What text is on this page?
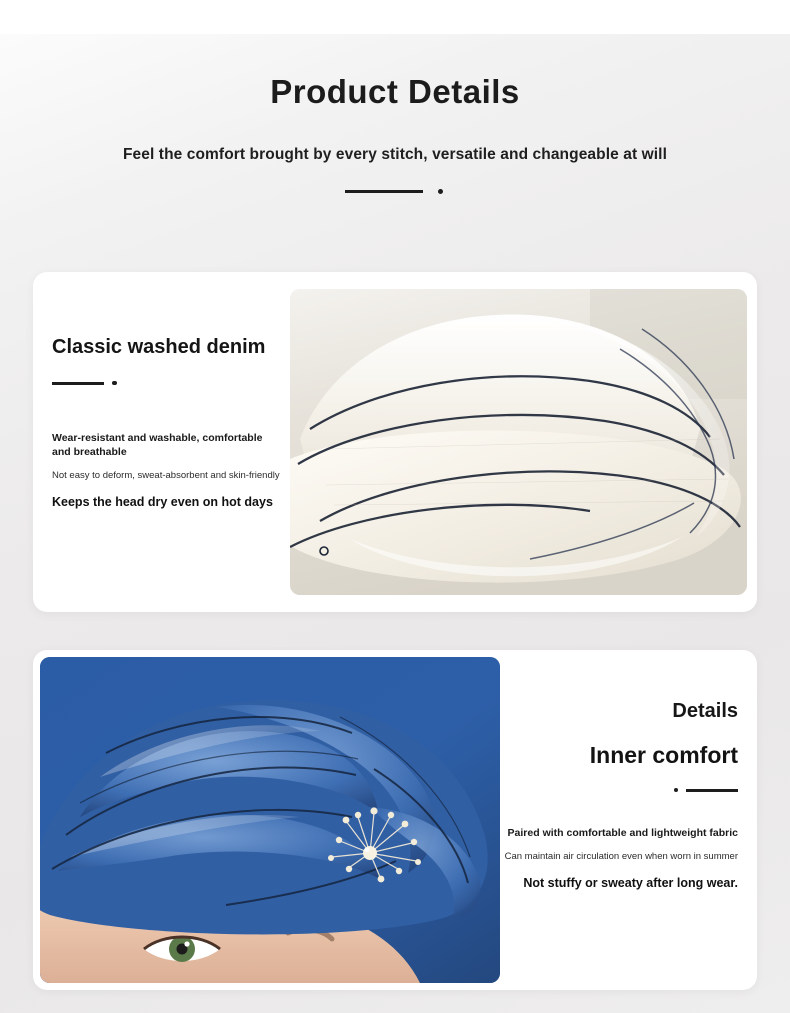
Product Details
Feel the comfort brought by every stitch, versatile and changeable at will
Classic washed denim
Wear-resistant and washable, comfortable and breathable
Not easy to deform, sweat-absorbent and skin-friendly
Keeps the head dry even on hot days
Details
Inner comfort
Paired with comfortable and lightweight fabric
Can maintain air circulation even when worn in summer
Not stuffy or sweaty after long wear.
